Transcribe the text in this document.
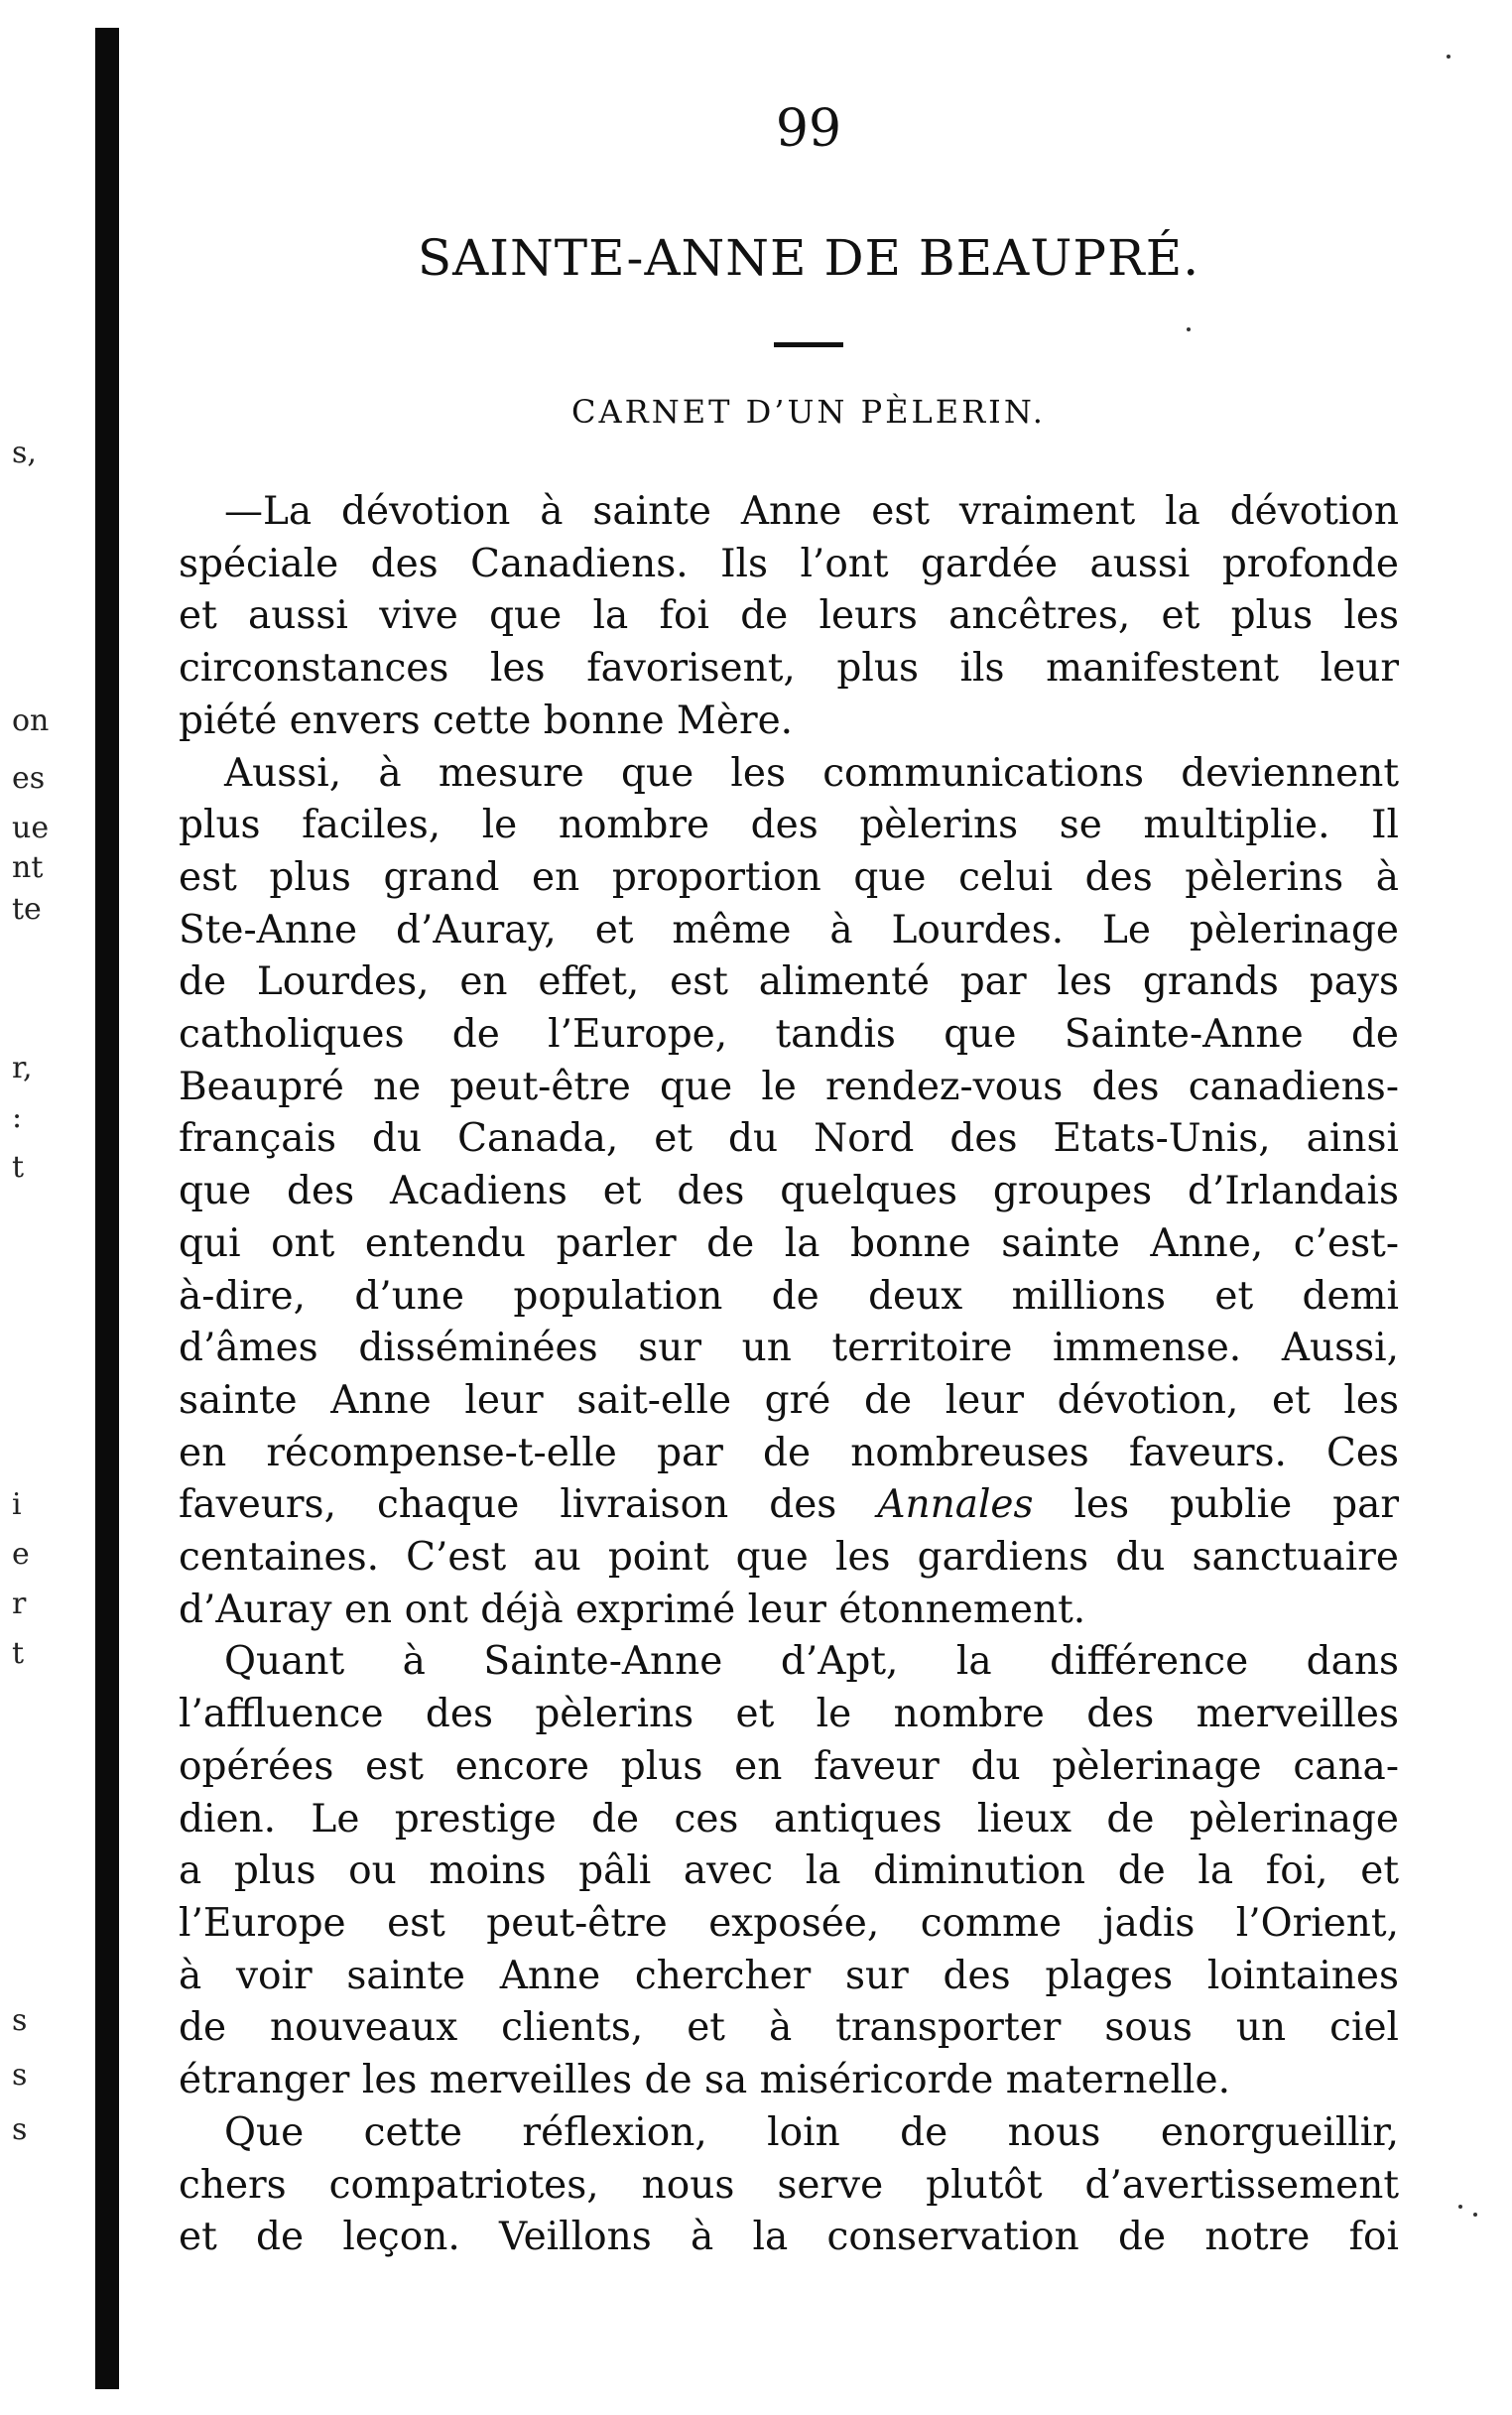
s,
on
es
ue
nt
te
r,
:
t
i
e
r
t
s
s
s
99
SAINTE-ANNE DE BEAUPRÉ.
CARNET D’UN PÈLERIN.
—La dévotion à sainte Anne est vraiment la dévotion
spéciale des Canadiens. Ils l’ont gardée aussi profonde
et aussi vive que la foi de leurs ancêtres, et plus les
circonstances les favorisent, plus ils manifestent leur
piété envers cette bonne Mère.
Aussi, à mesure que les communications deviennent
plus faciles, le nombre des pèlerins se multiplie. Il
est plus grand en proportion que celui des pèlerins à
Ste-Anne d’Auray, et même à Lourdes. Le pèlerinage
de Lourdes, en effet, est alimenté par les grands pays
catholiques de l’Europe, tandis que Sainte-Anne de
Beaupré ne peut-être que le rendez-vous des canadiens-
français du Canada, et du Nord des Etats-Unis, ainsi
que des Acadiens et des quelques groupes d’Irlandais
qui ont entendu parler de la bonne sainte Anne, c’est-
à-dire, d’une population de deux millions et demi
d’âmes disséminées sur un territoire immense. Aussi,
sainte Anne leur sait-elle gré de leur dévotion, et les
en récompense-t-elle par de nombreuses faveurs. Ces
faveurs, chaque livraison des Annales les publie par
centaines. C’est au point que les gardiens du sanctuaire
d’Auray en ont déjà exprimé leur étonnement.
Quant à Sainte-Anne d’Apt, la différence dans
l’affluence des pèlerins et le nombre des merveilles
opérées est encore plus en faveur du pèlerinage cana-
dien. Le prestige de ces antiques lieux de pèlerinage
a plus ou moins pâli avec la diminution de la foi, et
l’Europe est peut-être exposée, comme jadis l’Orient,
à voir sainte Anne chercher sur des plages lointaines
de nouveaux clients, et à transporter sous un ciel
étranger les merveilles de sa miséricorde maternelle.
Que cette réflexion, loin de nous enorgueillir,
chers compatriotes, nous serve plutôt d’avertissement
et de leçon. Veillons à la conservation de notre foi
